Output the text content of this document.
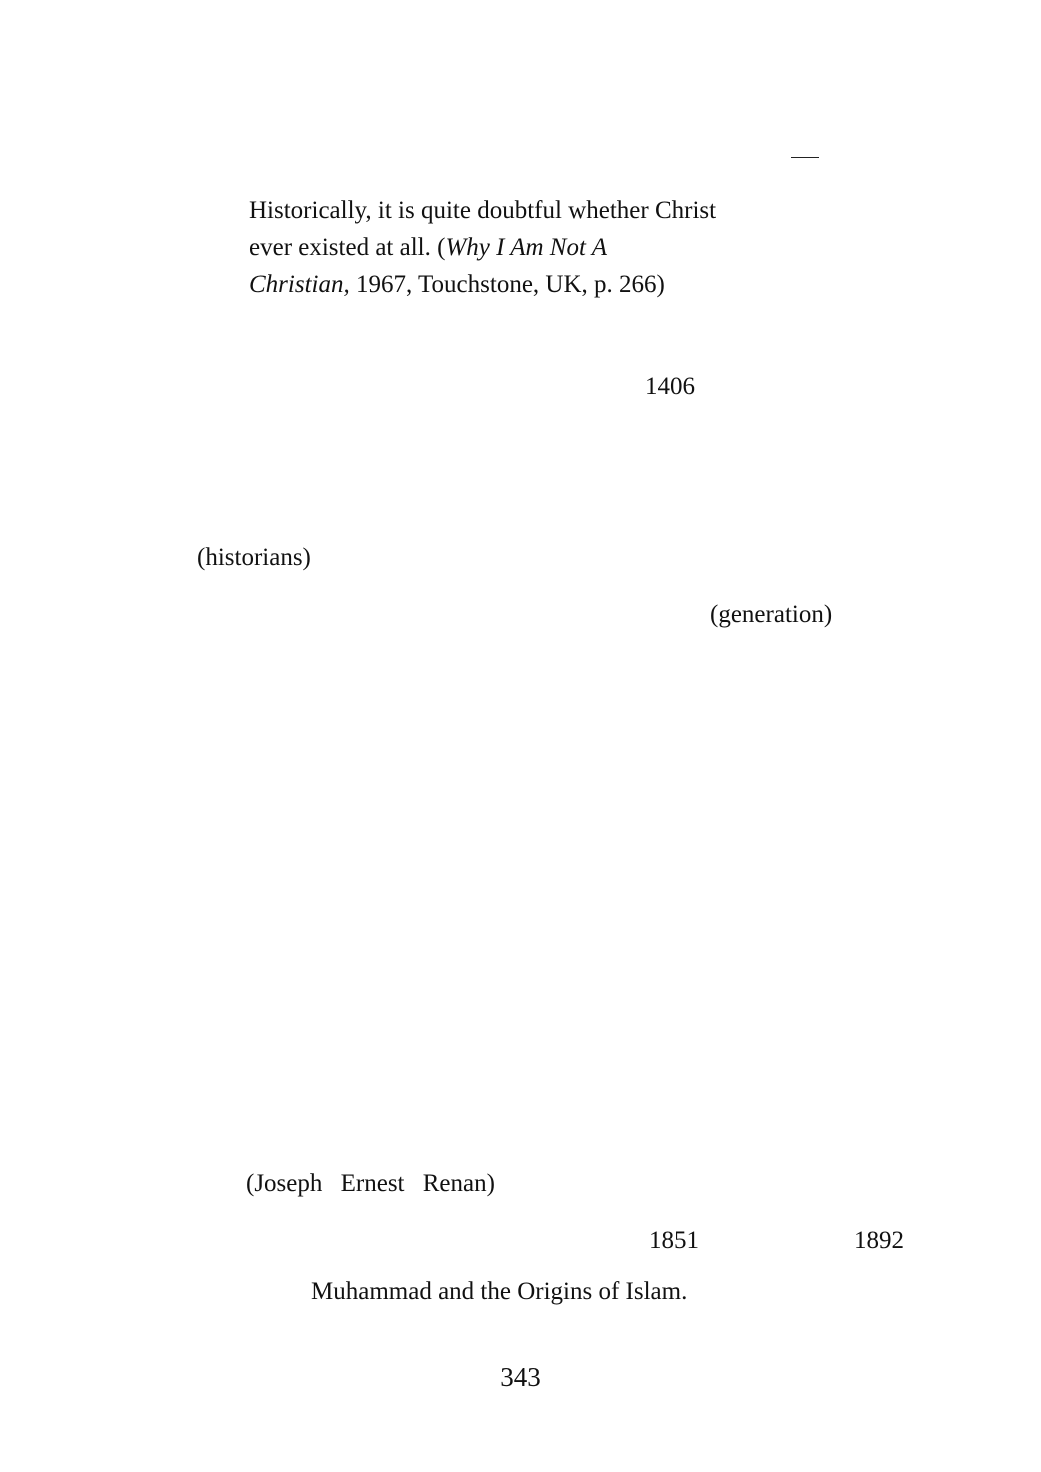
Historically, it is quite doubtful whether Christ
ever existed at all. (Why I Am Not A
Christian, 1967, Touchstone, UK, p. 266)

1406

(historians)

(generation)

(Joseph Ernest Renan)

1851	1892

Muhammad and the Origins of Islam.

343
